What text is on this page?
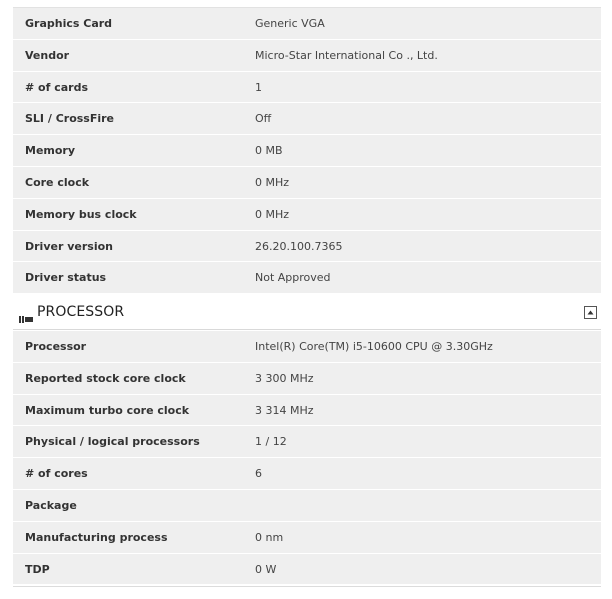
Graphics Card	Generic VGA
Vendor	Micro-Star International Co ., Ltd.
# of cards	1
SLI / CrossFire	Off
Memory	0 MB
Core clock	0 MHz
Memory bus clock	0 MHz
Driver version	26.20.100.7365
Driver status	Not Approved
PROCESSOR
Processor	Intel(R) Core(TM) i5-10600 CPU @ 3.30GHz
Reported stock core clock	3 300 MHz
Maximum turbo core clock	3 314 MHz
Physical / logical processors	1 / 12
# of cores	6
Package
Manufacturing process	0 nm
TDP	0 W
